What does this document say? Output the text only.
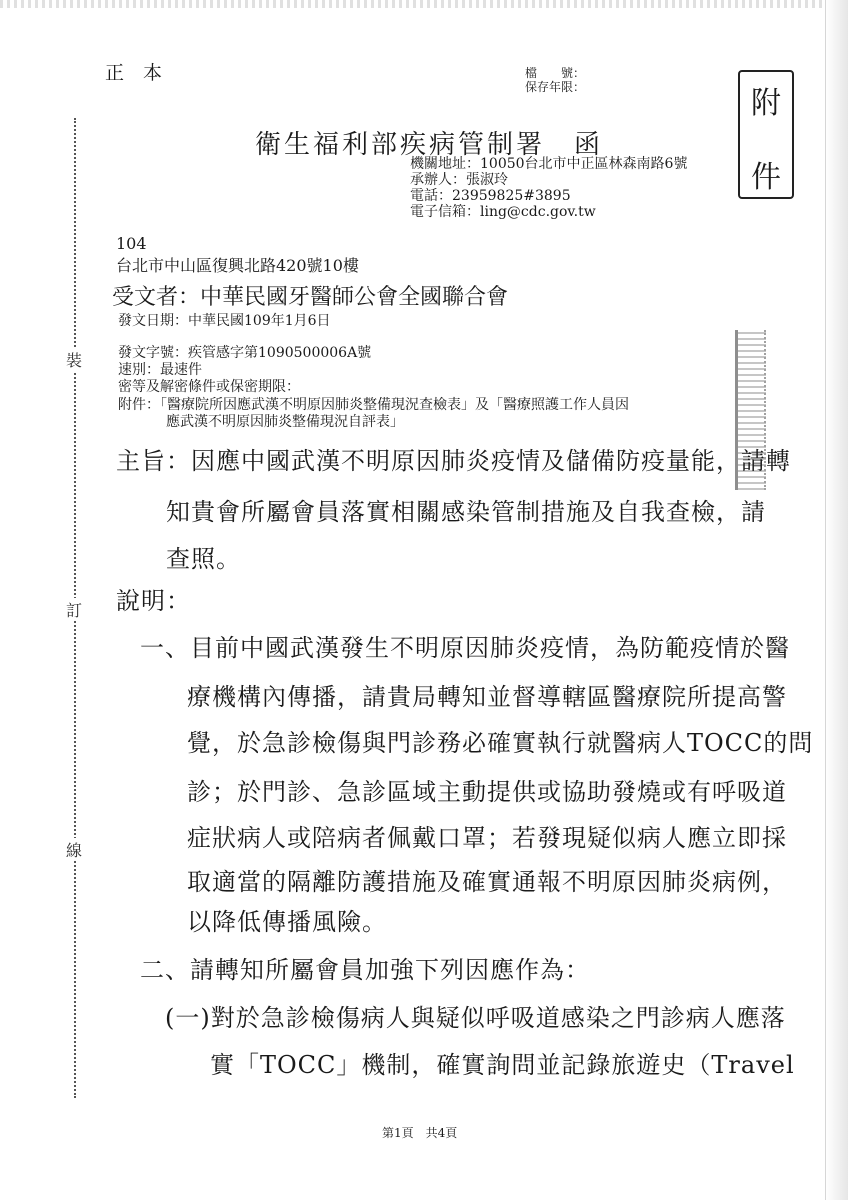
裝
訂
線
正　本	檔　　號：
保存年限：	附
件
衛生福利部疾病管制署　函
機關地址：10050台北市中正區林森南路6號
承辦人：張淑玲
電話：23959825#3895
電子信箱：ling@cdc.gov.tw
104
台北市中山區復興北路420號10樓
受文者：中華民國牙醫師公會全國聯合會
發文日期：中華民國109年1月6日
發文字號：疾管感字第1090500006A號
速別：最速件
密等及解密條件或保密期限：
附件：「醫療院所因應武漢不明原因肺炎整備現況查檢表」及「醫療照護工作人員因
應武漢不明原因肺炎整備現況自評表」
主旨：因應中國武漢不明原因肺炎疫情及儲備防疫量能，請轉
知貴會所屬會員落實相關感染管制措施及自我查檢，請
查照。
說明：
一、目前中國武漢發生不明原因肺炎疫情，為防範疫情於醫
療機構內傳播，請貴局轉知並督導轄區醫療院所提高警
覺，於急診檢傷與門診務必確實執行就醫病人TOCC的問
診；於門診、急診區域主動提供或協助發燒或有呼吸道
症狀病人或陪病者佩戴口罩；若發現疑似病人應立即採
取適當的隔離防護措施及確實通報不明原因肺炎病例，
以降低傳播風險。
二、請轉知所屬會員加強下列因應作為：
(一)對於急診檢傷病人與疑似呼吸道感染之門診病人應落
實「TOCC」機制，確實詢問並記錄旅遊史（Travel
第1頁　共4頁
